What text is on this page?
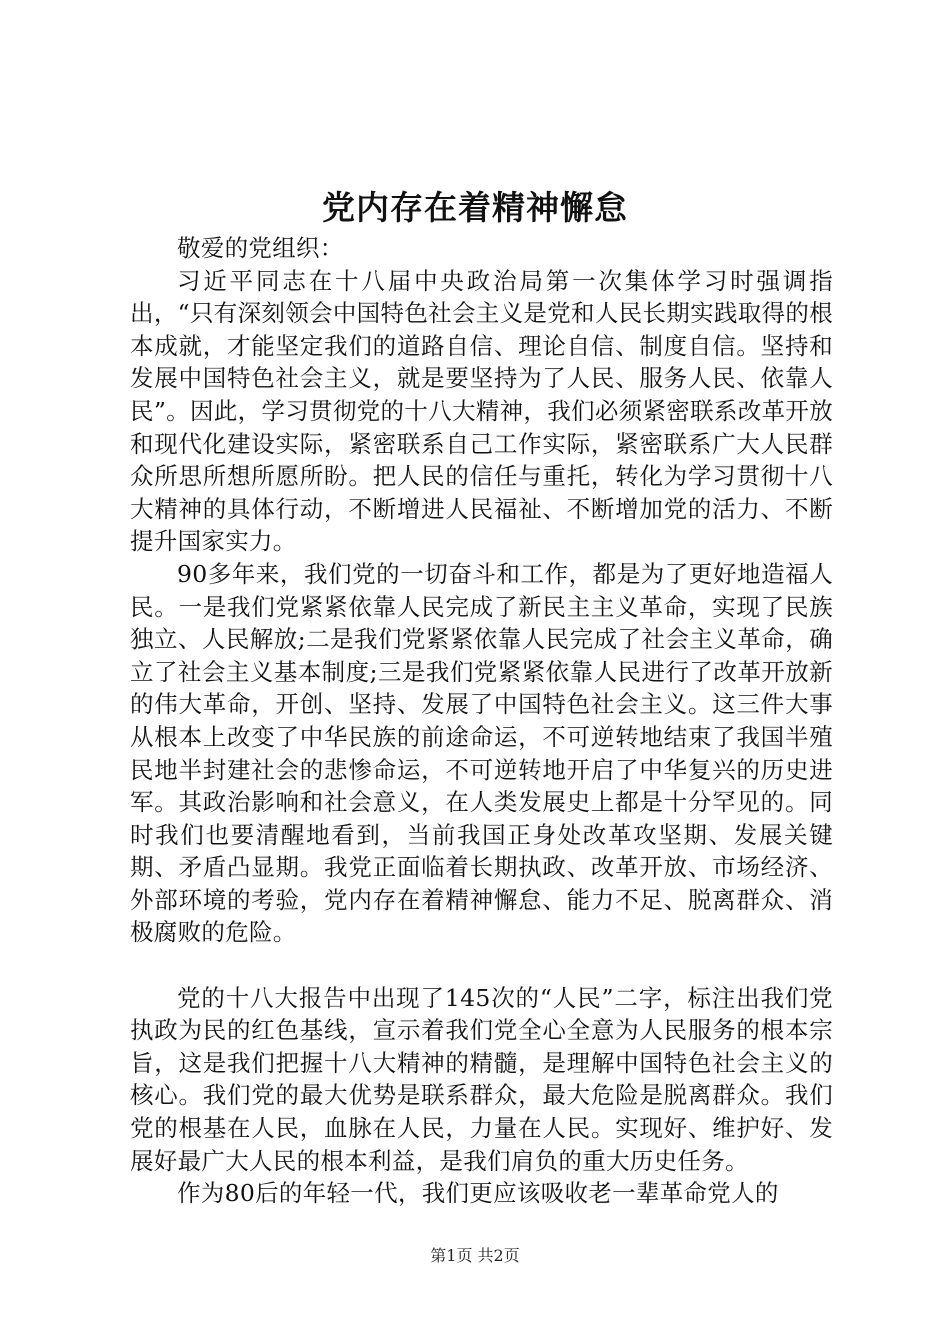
党内存在着精神懈怠

敬爱的党组织：

习近平同志在十八届中央政治局第一次集体学习时强调指出，“只有深刻领会中国特色社会主义是党和人民长期实践取得的根本成就，才能坚定我们的道路自信、理论自信、制度自信。坚持和发展中国特色社会主义，就是要坚持为了人民、服务人民、依靠人民”。因此，学习贯彻党的十八大精神，我们必须紧密联系改革开放和现代化建设实际，紧密联系自己工作实际，紧密联系广大人民群众所思所想所愿所盼。把人民的信任与重托，转化为学习贯彻十八大精神的具体行动，不断增进人民福祉、不断增加党的活力、不断提升国家实力。

90多年来，我们党的一切奋斗和工作，都是为了更好地造福人民。一是我们党紧紧依靠人民完成了新民主主义革命，实现了民族独立、人民解放;二是我们党紧紧依靠人民完成了社会主义革命，确立了社会主义基本制度;三是我们党紧紧依靠人民进行了改革开放新的伟大革命，开创、坚持、发展了中国特色社会主义。这三件大事从根本上改变了中华民族的前途命运，不可逆转地结束了我国半殖民地半封建社会的悲惨命运，不可逆转地开启了中华复兴的历史进军。其政治影响和社会意义，在人类发展史上都是十分罕见的。同时我们也要清醒地看到，当前我国正身处改革攻坚期、发展关键期、矛盾凸显期。我党正面临着长期执政、改革开放、市场经济、外部环境的考验，党内存在着精神懈怠、能力不足、脱离群众、消极腐败的危险。

党的十八大报告中出现了145次的“人民”二字，标注出我们党执政为民的红色基线，宣示着我们党全心全意为人民服务的根本宗旨，这是我们把握十八大精神的精髓，是理解中国特色社会主义的核心。我们党的最大优势是联系群众，最大危险是脱离群众。我们党的根基在人民，血脉在人民，力量在人民。实现好、维护好、发展好最广大人民的根本利益，是我们肩负的重大历史任务。

作为80后的年轻一代，我们更应该吸收老一辈革命党人的

第1页 共2页
